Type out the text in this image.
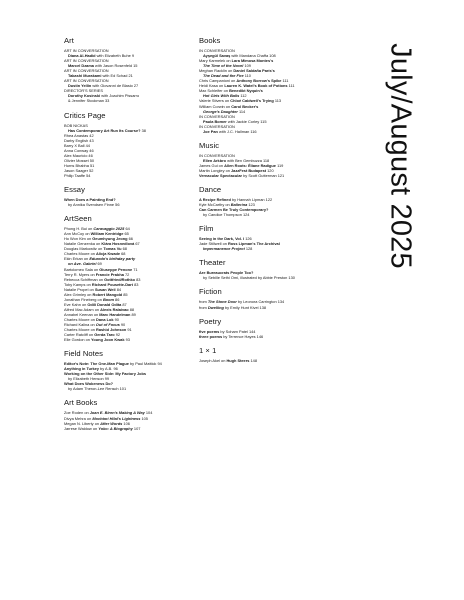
Art
ART IN CONVERSATION
Diana Al-Hadid with Elizabeth Buhe 9
ART IN CONVERSATION
Marcel Dzama with Jason Rosenfeld 15
ART IN CONVERSATION
Takashi Murakami with Ed Schad 21
ART IN CONVERSATION
Dustin Yellin with Giovanni de Blasio 27
DIRECTOR'S SERIES
Dorothy Kosinski with Joachim Pissarro
& Jennifer Stockman 33
Critics Page
BOB NICKAS
Has Contemporary Art Run Its Course? 38
Rhea Anastas 42
Darby English 43
Barry X Ball 44
Anna Conway 46
Alex Mauricio 46
Olivier Mosset 50
Hurns Bhabha 51
Jason Saager 52
Philip Taaffe 54
Essay
When Does a Painting End?
by Annika Svendsen Finne 56
ArtSeen
Phong H. Bui on Caravaggio 2025 64
Ann McCoy on William Kentridge 65
Ho Won Kim on Geumhyung Jeong 66
Natalie Genzenka on Klára Hosnedlová 67
Douglas Markowitz on Tomas Vu 68
Charles Moore on Alicja Kwade 68
Ekin Erkan on Eduardo's birthday party
on Ave. Gabriel 69
Bartolomeo Sala on Giuseppe Penone 71
Terry R. Myers on Francie Prabha 72
Rebecca Schiffman on Gottfried/Rothko 83
Toby Kamps on Richard Pousette-Dart 83
Natalie Propel on Susan Weil 84
Alex Grimley on Robert Mangold 85
Jonathan Fineberg on Boom 86
Eve Kahn on Odili Donald Odita 87
Alfred Mac Adam on Alexis Ralaivao 88
Annabel Keenan on Marc Handelman 89
Charles Moore on Dana Lok 90
Richard Kalina on Out of Focus 90
Charles Moore on Rashid Johnson 91
Carter Ratcliff on Gerda Taro 92
Elle Gordon on Young Joon Kwak 93
Field Notes
Editor's Note: The One-Man Plague by Paul Mattick 94
Anything in Turkey by A.B. 96
Working on the Other Side: My Factory Jobs
by Elizabeth Henson 99
What Does Wokeness Do?
by Adam Theron-Lee Rensch 101
Art Books
Zoe Roden on Joan E. Biren's Making A Way 104
Divya Mehra on Mochtari Hilal's Lightness 105
Megan N. Liberty on After Words 106
Jarrese Waldow on Yoko: A Biography 107
Books
IN CONVERSATION
Ayşegül Savaş with Mandana Chaffa 108
Mary Karmelek on Lara Mimosa Montes's
The Time of the Novel 109
Meghan Racklin on Daniel Saldaña París's
The Dead and the Fire 110
Chris Campanioni on Anthony Borrow's Spike 111
Heidi Kasa on Lauren K. Watel's Book of Potions 111
Max Schleifer on Benedikt Nyquin's
Hot Girls With Balls 112
Valerie Stivers on Chloé Caldwell's Trying 113
William Corwin on Carol Becker's
George's Daughter 114
IN CONVERSATION
Paula Bomer with Jackie Corley 115
IN CONVERSATION
Joe Pan with J.C. Hallman 116
Music
IN CONVERSATION
Ellen Arkbro with Ben Gembuzza 118
James Gui on Allen Roots: Éliane Radigue 119
Martin Longley on JazzFest Budapest 120
Vernacular Spectacular by Scott Gutterman 121
Dance
A Recipe Refined by Hannah Lipman 122
Kyle McCarthy on Ballerina 123
Can Carmen Be Truly Contemporary?
by Candice Thompson 124
Film
Seeing in the Dark, Vol. I 126
Jade Stillwell on Ross Lipman's The Archival
Impermanence Project 128
Theater
Are Bureaucrats People Too?
by Sebille Sethi Omi, illustrated by Abbie Preston 130
Fiction
from The Stone Door by Leonora Carrington 134
from Dwelling by Emily Hunt Kivel 138
Poetry
five poems by Soham Patel 144
three poems by Terrence Hayes 146
1 × 1
Joseph Akel on Hugh Steers 148
July/August 2025
